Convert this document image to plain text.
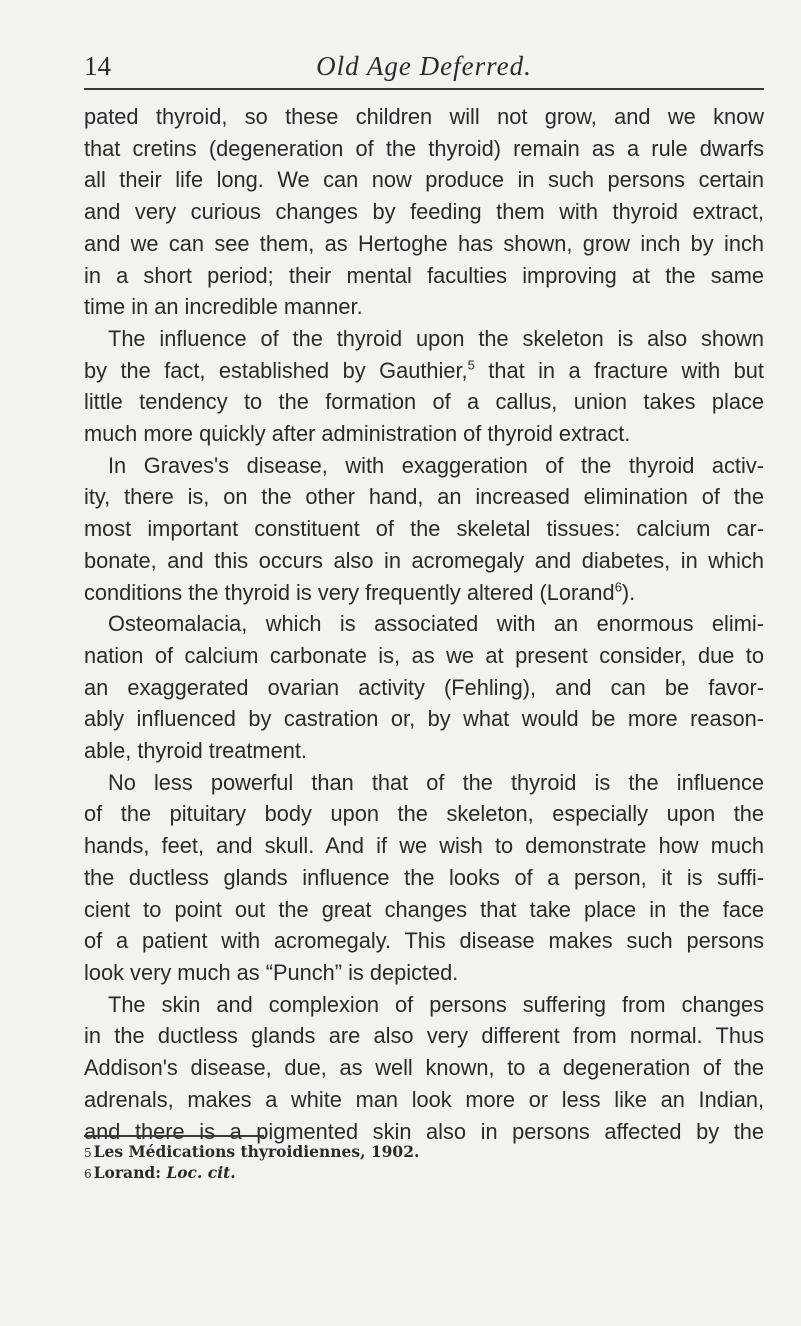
14	Old Age Deferred.
pated thyroid, so these children will not grow, and we know
that cretins (degeneration of the thyroid) remain as a rule dwarfs
all their life long. We can now produce in such persons certain
and very curious changes by feeding them with thyroid extract,
and we can see them, as Hertoghe has shown, grow inch by inch
in a short period; their mental faculties improving at the same
time in an incredible manner.
The influence of the thyroid upon the skeleton is also shown
by the fact, established by Gauthier,$^5$ that in a fracture with but
little tendency to the formation of a callus, union takes place
much more quickly after administration of thyroid extract.
In Graves's disease, with exaggeration of the thyroid activ-
ity, there is, on the other hand, an increased elimination of the
most important constituent of the skeletal tissues: calcium car-
bonate, and this occurs also in acromegaly and diabetes, in which
conditions the thyroid is very frequently altered (Lorand$^6$).
Osteomalacia, which is associated with an enormous elimi-
nation of calcium carbonate is, as we at present consider, due to
an exaggerated ovarian activity (Fehling), and can be favor-
ably influenced by castration or, by what would be more reason-
able, thyroid treatment.
No less powerful than that of the thyroid is the influence
of the pituitary body upon the skeleton, especially upon the
hands, feet, and skull. And if we wish to demonstrate how much
the ductless glands influence the looks of a person, it is suffi-
cient to point out the great changes that take place in the face
of a patient with acromegaly. This disease makes such persons
look very much as “Punch” is depicted.
The skin and complexion of persons suffering from changes
in the ductless glands are also very different from normal. Thus
Addison's disease, due, as well known, to a degeneration of the
adrenals, makes a white man look more or less like an Indian,
and there is a pigmented skin also in persons affected by the
5 Les Médications thyroidiennes, 1902.
6 Lorand: Loc. cit.
